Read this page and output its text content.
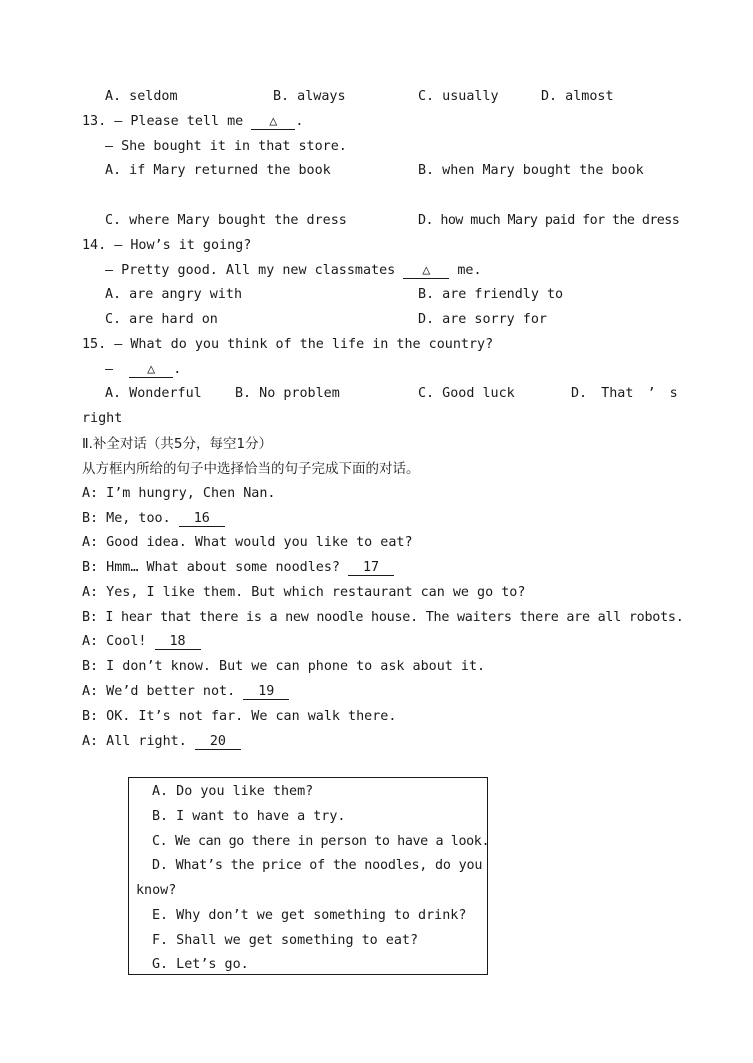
A. seldom	B. always	C. usually	D. almost
13. — Please tell me △ .
— She bought it in that store.
A. if Mary returned the book	B. when Mary bought the book
C. where Mary bought the dress	D. how much Mary paid for the dress
14. — How’s it going?
— Pretty good. All my new classmates △ me.
A. are angry with	B. are friendly to
C. are hard on	D. are sorry for
15. — What do you think of the life in the country?
—	△ .
A. Wonderful B. No problem	C. Good luck	D. That ’ s
right
Ⅱ.补全对话（共5分，每空1分）
从方框内所给的句子中选择恰当的句子完成下面的对话。
A: I’m hungry, Chen Nan.
B: Me, too. 16
A: Good idea. What would you like to eat?
B: Hmm… What about some noodles? 17
A: Yes, I like them. But which restaurant can we go to?
B: I hear that there is a new noodle house. The waiters there are all robots.
A: Cool! 18
B: I don’t know. But we can phone to ask about it.
A: We’d better not. 19
B: OK. It’s not far. We can walk there.
A: All right. 20
A. Do you like them?
B. I want to have a try.
C. We can go there in person to have a look.
D. What’s the price of the noodles, do you
know?
E. Why don’t we get something to drink?
F. Shall we get something to eat?
G. Let’s go.
